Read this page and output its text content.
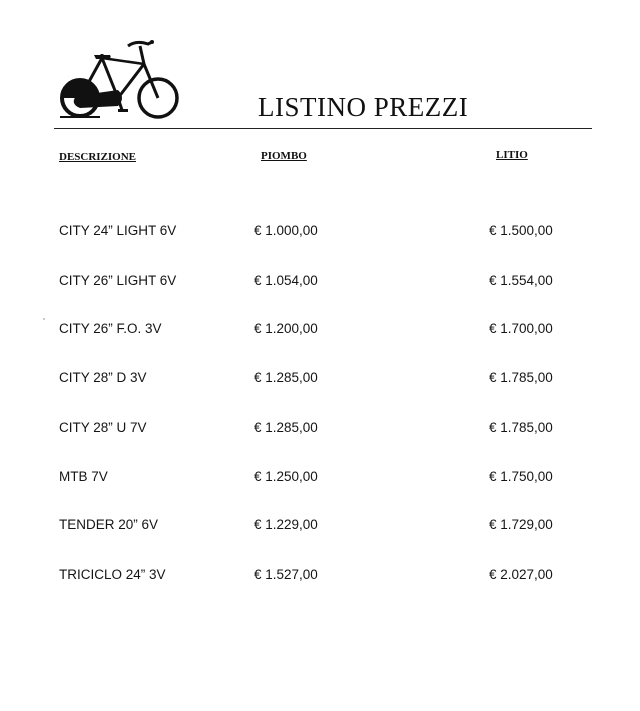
LISTINO PREZZI
DESCRIZIONE	PIOMBO	LITIO
CITY 24” LIGHT 6V	€ 1.000,00	€ 1.500,00
CITY 26” LIGHT 6V	€ 1.054,00	€ 1.554,00
CITY 26” F.O. 3V	€ 1.200,00	€ 1.700,00
CITY 28” D 3V	€ 1.285,00	€ 1.785,00
CITY 28” U 7V	€ 1.285,00	€ 1.785,00
MTB 7V	€ 1.250,00	€ 1.750,00
TENDER 20” 6V	€ 1.229,00	€ 1.729,00
TRICICLO 24” 3V	€ 1.527,00	€ 2.027,00
